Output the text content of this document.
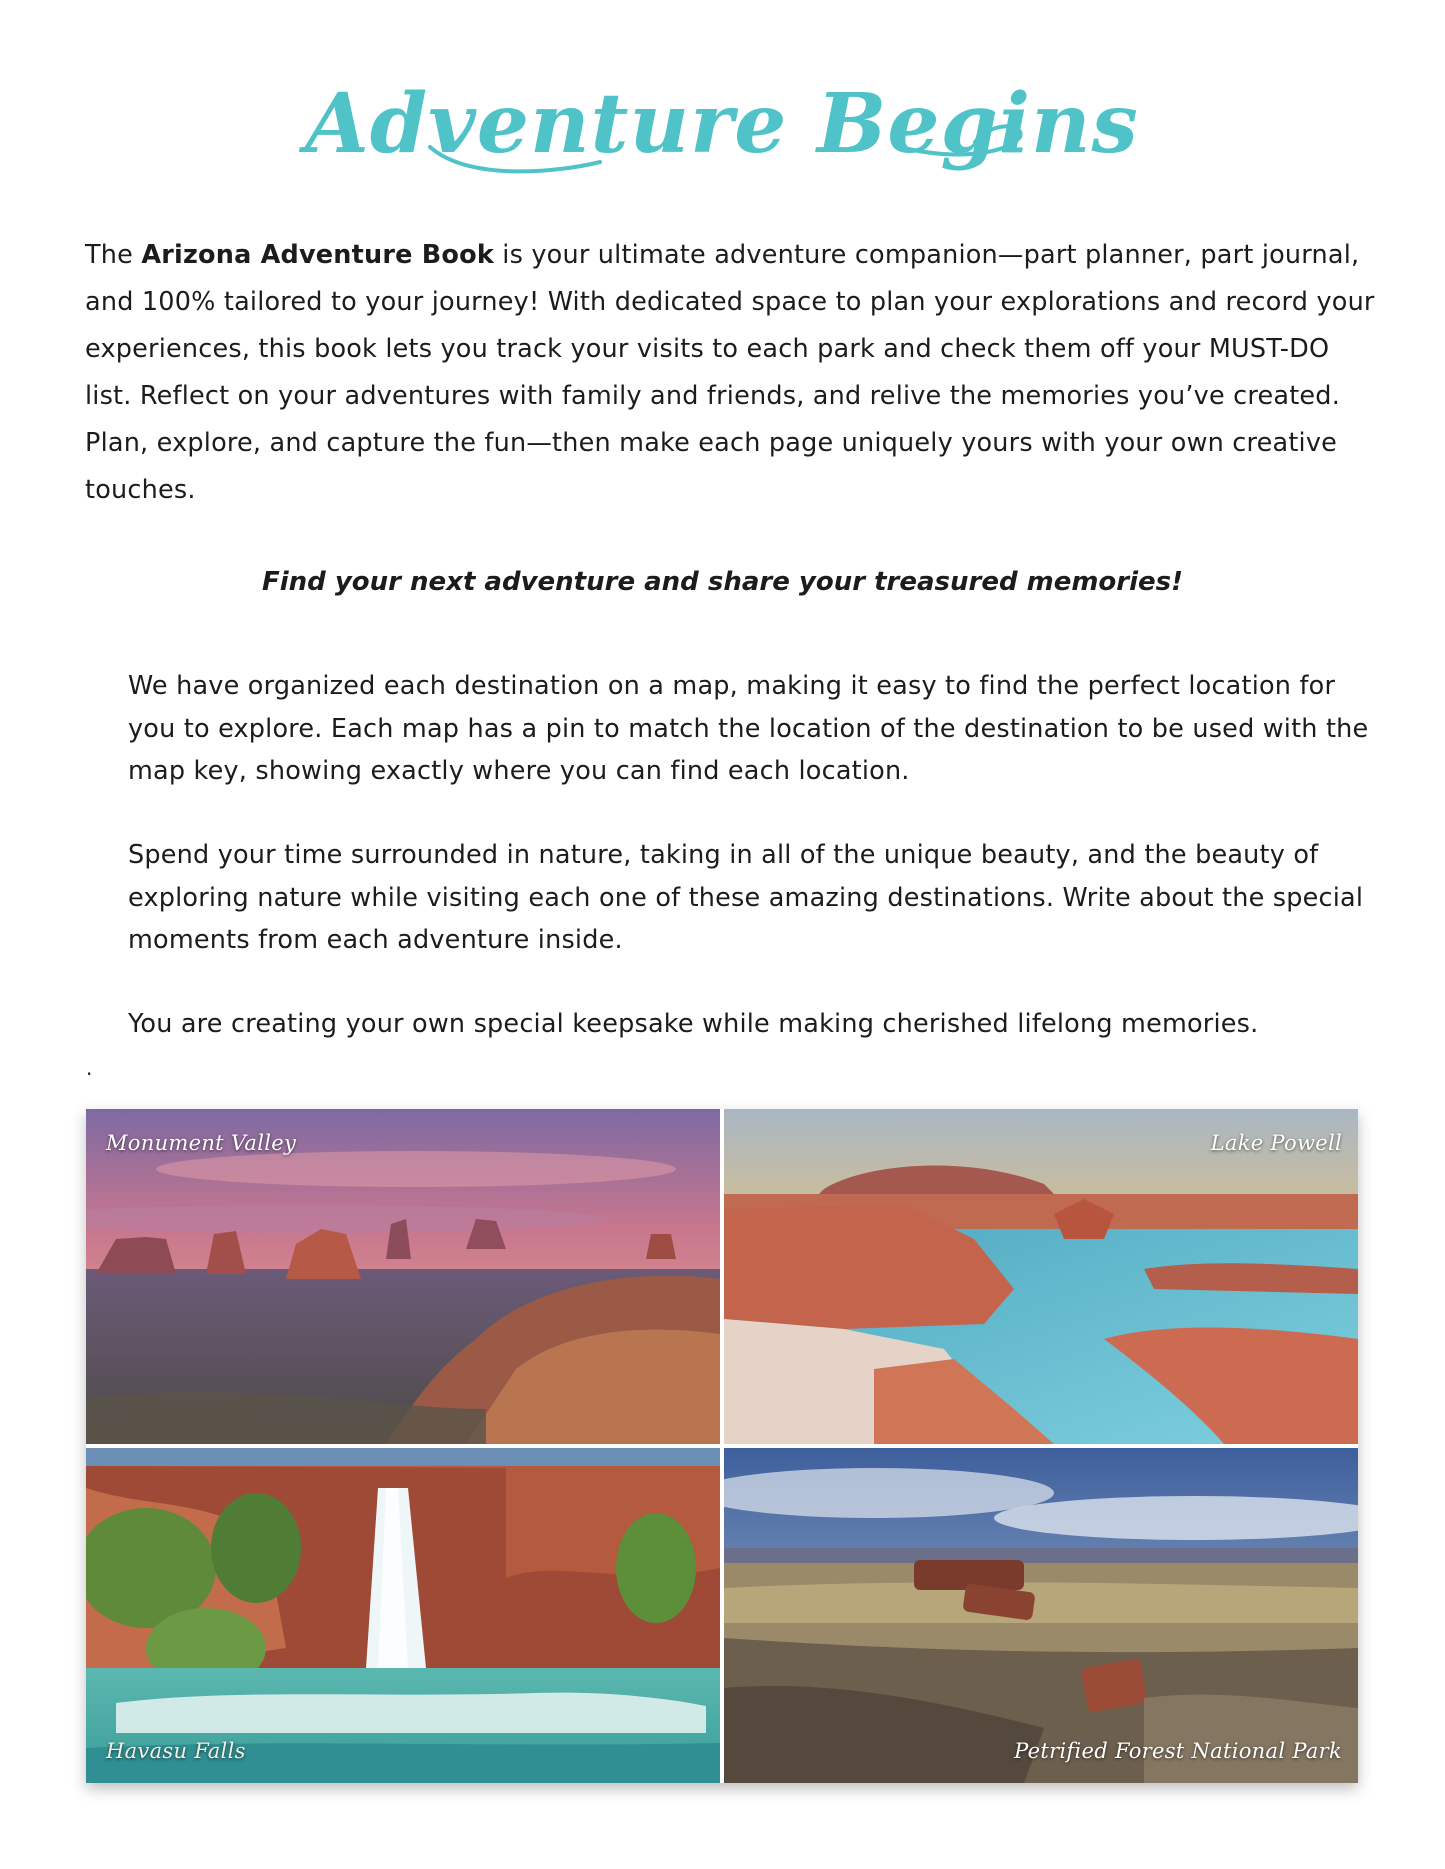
Adventure Begins
The Arizona Adventure Book is your ultimate adventure companion—part planner, part journal, and 100% tailored to your journey! With dedicated space to plan your explorations and record your experiences, this book lets you track your visits to each park and check them off your MUST-DO list. Reflect on your adventures with family and friends, and relive the memories you’ve created. Plan, explore, and capture the fun—then make each page uniquely yours with your own creative touches.
Find your next adventure and share your treasured memories!
We have organized each destination on a map, making it easy to find the perfect location for you to explore. Each map has a pin to match the location of the destination to be used with the map key, showing exactly where you can find each location.
Spend your time surrounded in nature, taking in all of the unique beauty, and the beauty of exploring nature while visiting each one of these amazing destinations. Write about the special moments from each adventure inside.
You are creating your own special keepsake while making cherished lifelong memories.
.
Monument Valley	Lake Powell
Havasu Falls	Petrified Forest National Park
